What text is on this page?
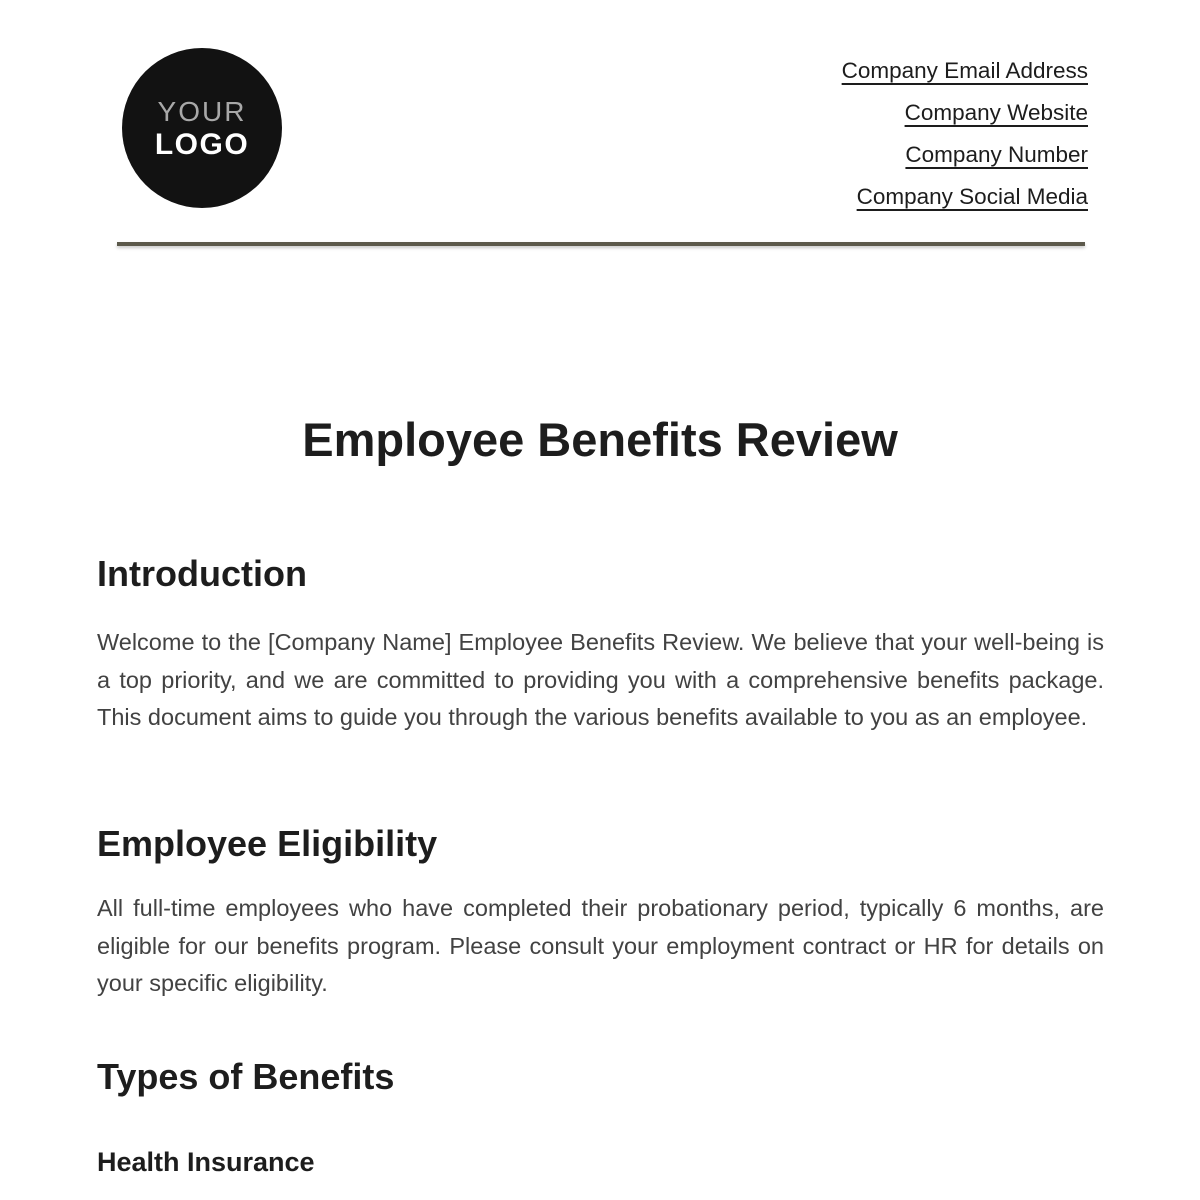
YOUR
LOGO
Company Email Address
Company Website
Company Number
Company Social Media
Employee Benefits Review
Introduction

Welcome to the [Company Name] Employee Benefits Review. We believe that your well-being is a top priority, and we are committed to providing you with a comprehensive benefits package. This document aims to guide you through the various benefits available to you as an employee.

Employee Eligibility

All full-time employees who have completed their probationary period, typically 6 months, are eligible for our benefits program. Please consult your employment contract or HR for details on your specific eligibility.

Types of Benefits
Health Insurance
